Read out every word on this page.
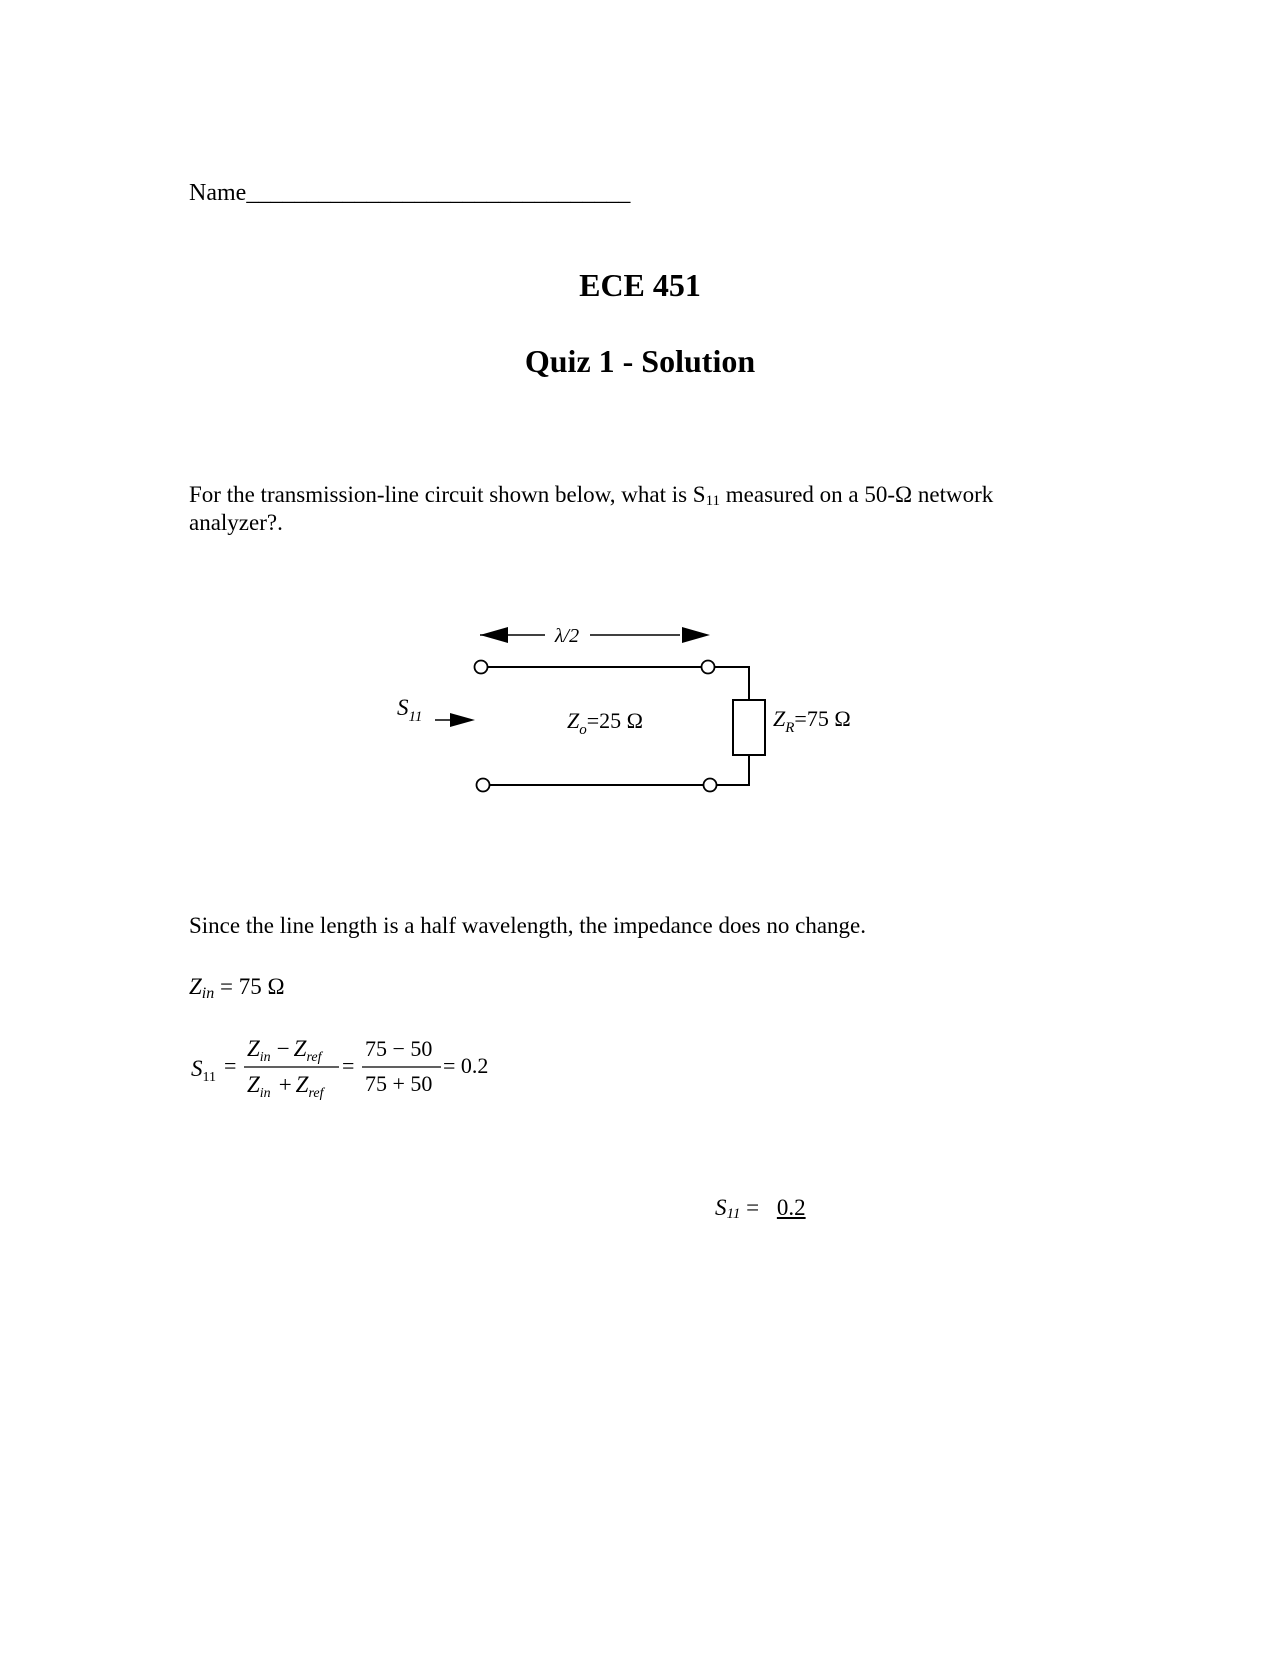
Name________________________________
ECE 451
Quiz 1 - Solution
For the transmission-line circuit shown below, what is $S_{11}$ measured on a 50-Ω network analyzer?.
λ/2
$S_{11}$	$Z_o=25$ Ω	$Z_R=75$ Ω
Since the line length is a half wavelength, the impedance does no change.
$Z_{in} = 75$ Ω
$S_{11}$ =
$Z_{in} - Z_{ref}$
$Z_{in} + Z_{ref}$
=
75 − 50
75 + 50
= 0.2
$S_{11} = 0.2$
